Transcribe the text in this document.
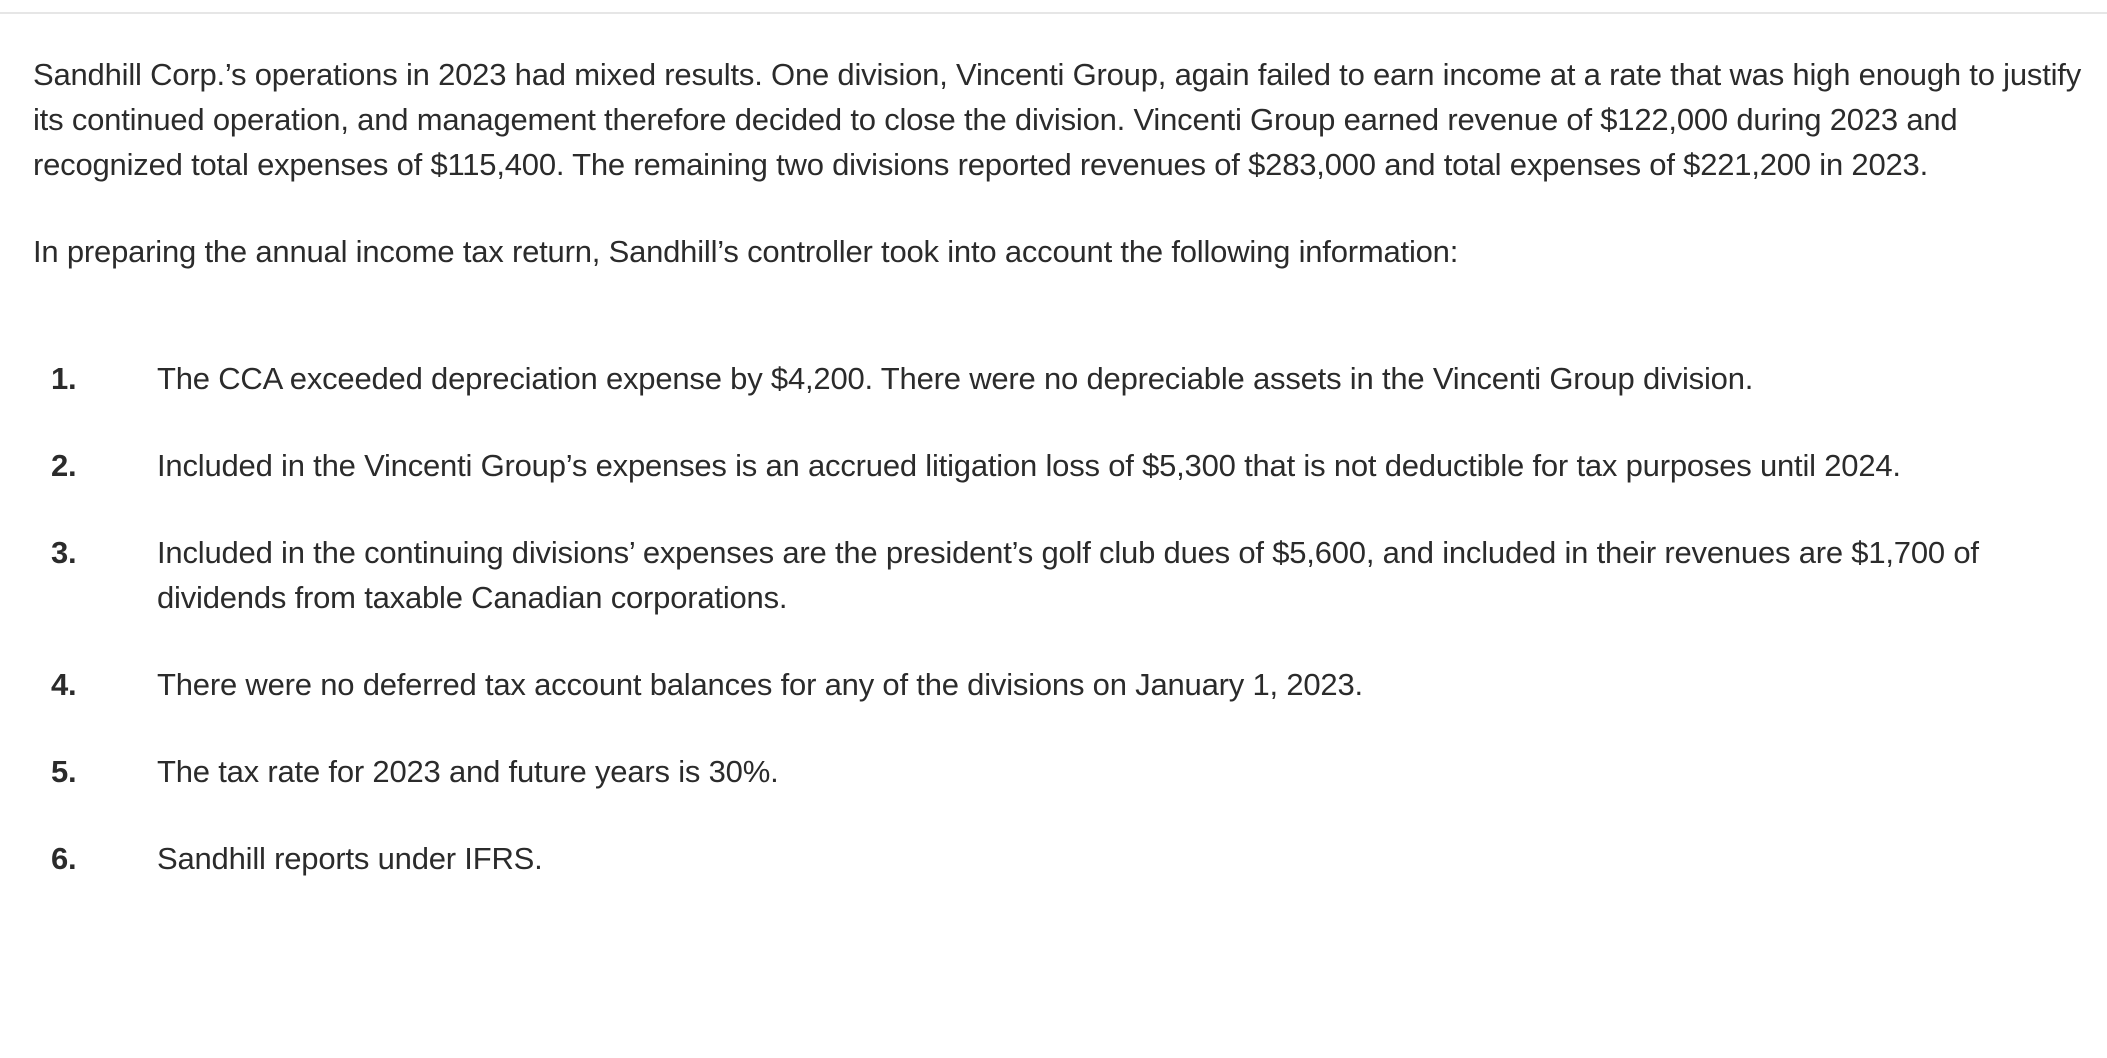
Sandhill Corp.’s operations in 2023 had mixed results. One division, Vincenti Group, again failed to earn income at a rate that was high enough to justify its continued operation, and management therefore decided to close the division. Vincenti Group earned revenue of $122,000 during 2023 and recognized total expenses of $115,400. The remaining two divisions reported revenues of $283,000 and total expenses of $221,200 in 2023.

In preparing the annual income tax return, Sandhill’s controller took into account the following information:

1.	The CCA exceeded depreciation expense by $4,200. There were no depreciable assets in the Vincenti Group division.
2.	Included in the Vincenti Group’s expenses is an accrued litigation loss of $5,300 that is not deductible for tax purposes until 2024.
3.	Included in the continuing divisions’ expenses are the president’s golf club dues of $5,600, and included in their revenues are $1,700 of dividends from taxable Canadian corporations.
4.	There were no deferred tax account balances for any of the divisions on January 1, 2023.
5.	The tax rate for 2023 and future years is 30%.
6.	Sandhill reports under IFRS.
